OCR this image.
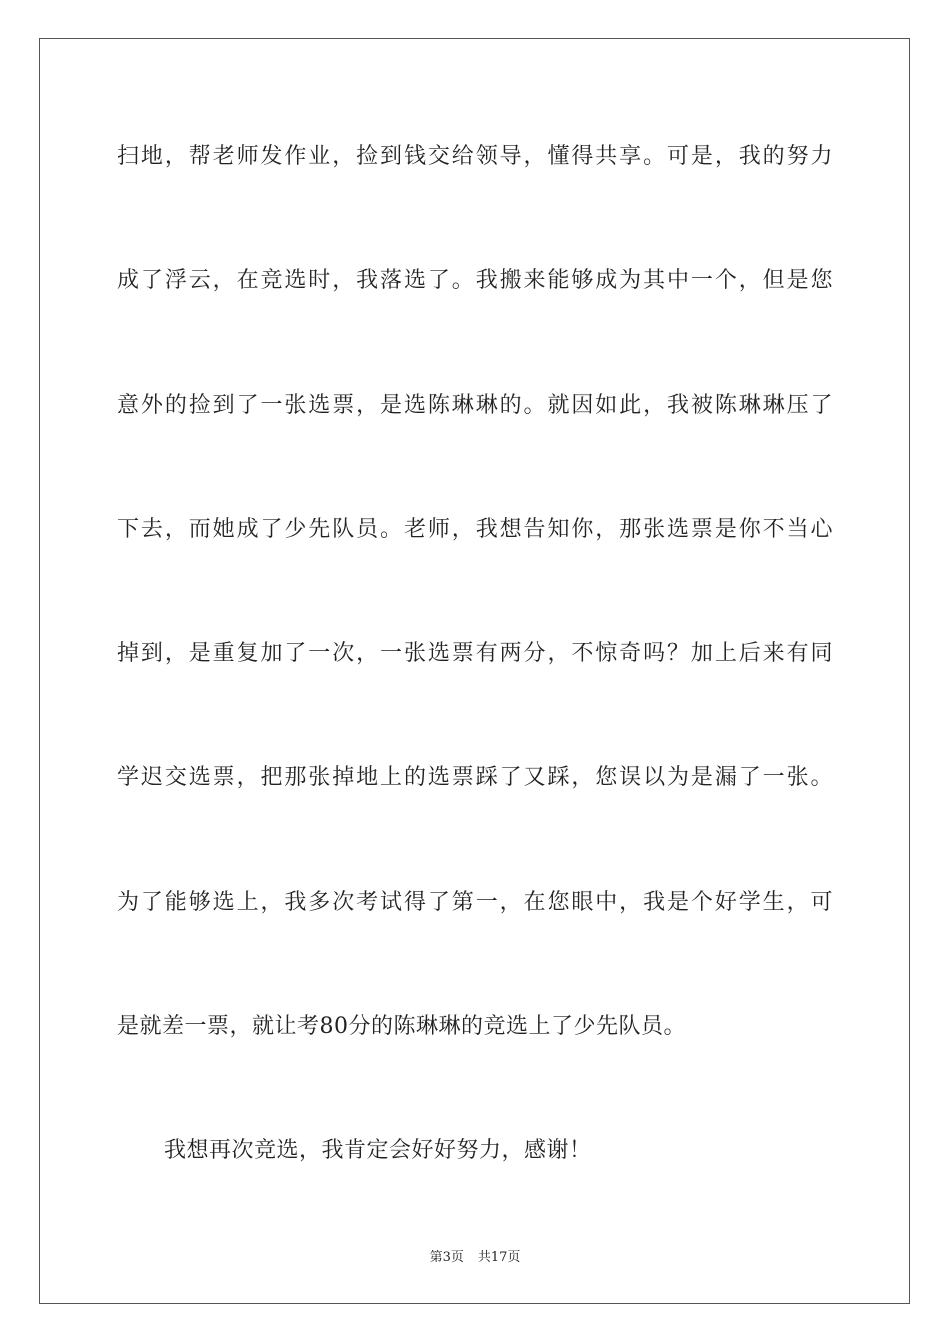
扫地，帮老师发作业，捡到钱交给领导，懂得共享。可是，我的努力
成了浮云，在竞选时，我落选了。我搬来能够成为其中一个，但是您
意外的捡到了一张选票，是选陈琳琳的。就因如此，我被陈琳琳压了
下去，而她成了少先队员。老师，我想告知你，那张选票是你不当心
掉到，是重复加了一次，一张选票有两分，不惊奇吗？加上后来有同
学迟交选票，把那张掉地上的选票踩了又踩，您误以为是漏了一张。
为了能够选上，我多次考试得了第一，在您眼中，我是个好学生，可
是就差一票，就让考80分的陈琳琳的竞选上了少先队员。
我想再次竞选，我肯定会好好努力，感谢！
第3页 共17页
